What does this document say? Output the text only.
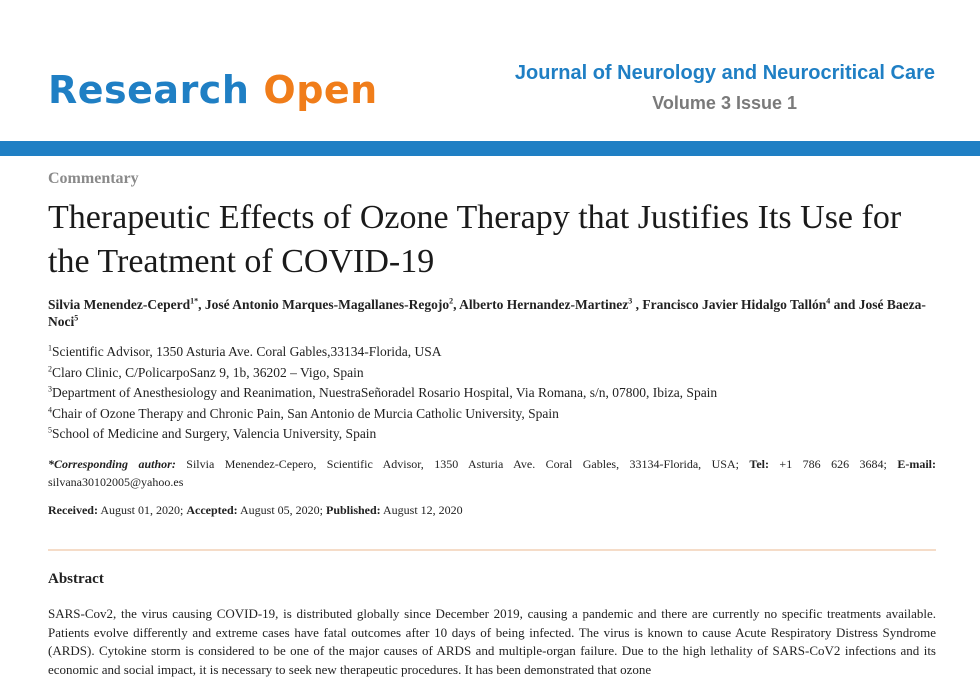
Research Open	Journal of Neurology and Neurocritical Care
Volume 3 Issue 1
Commentary
Therapeutic Effects of Ozone Therapy that Justifies Its Use for the Treatment of COVID-19
Silvia Menendez-Ceperd$^{1*}$, José Antonio Marques-Magallanes-Regojo$^2$, Alberto Hernandez-Martinez$^3$ , Francisco Javier Hidalgo Tallón$^4$ and José Baeza-Noci$^5$
$^1$Scientific Advisor, 1350 Asturia Ave. Coral Gables,33134-Florida, USA
$^2$Claro Clinic, C/PolicarpoSanz 9, 1b, 36202 – Vigo, Spain
$^3$Department of Anesthesiology and Reanimation, NuestraSeñoradel Rosario Hospital, Via Romana, s/n, 07800, Ibiza, Spain
$^4$Chair of Ozone Therapy and Chronic Pain, San Antonio de Murcia Catholic University, Spain
$^5$School of Medicine and Surgery, Valencia University, Spain
*Corresponding author: Silvia Menendez-Cepero, Scientific Advisor, 1350 Asturia Ave. Coral Gables, 33134-Florida, USA; Tel: +1 786 626 3684; E-mail: silvana30102005@yahoo.es
Received: August 01, 2020; Accepted: August 05, 2020; Published: August 12, 2020
Abstract
SARS-Cov2, the virus causing COVID-19, is distributed globally since December 2019, causing a pandemic and there are currently no specific treatments available. Patients evolve differently and extreme cases have fatal outcomes after 10 days of being infected. The virus is known to cause Acute Respiratory Distress Syndrome (ARDS). Cytokine storm is considered to be one of the major causes of ARDS and multiple-organ failure. Due to the high lethality of SARS-CoV2 infections and its economic and social impact, it is necessary to seek new therapeutic procedures. It has been demonstrated that ozone
